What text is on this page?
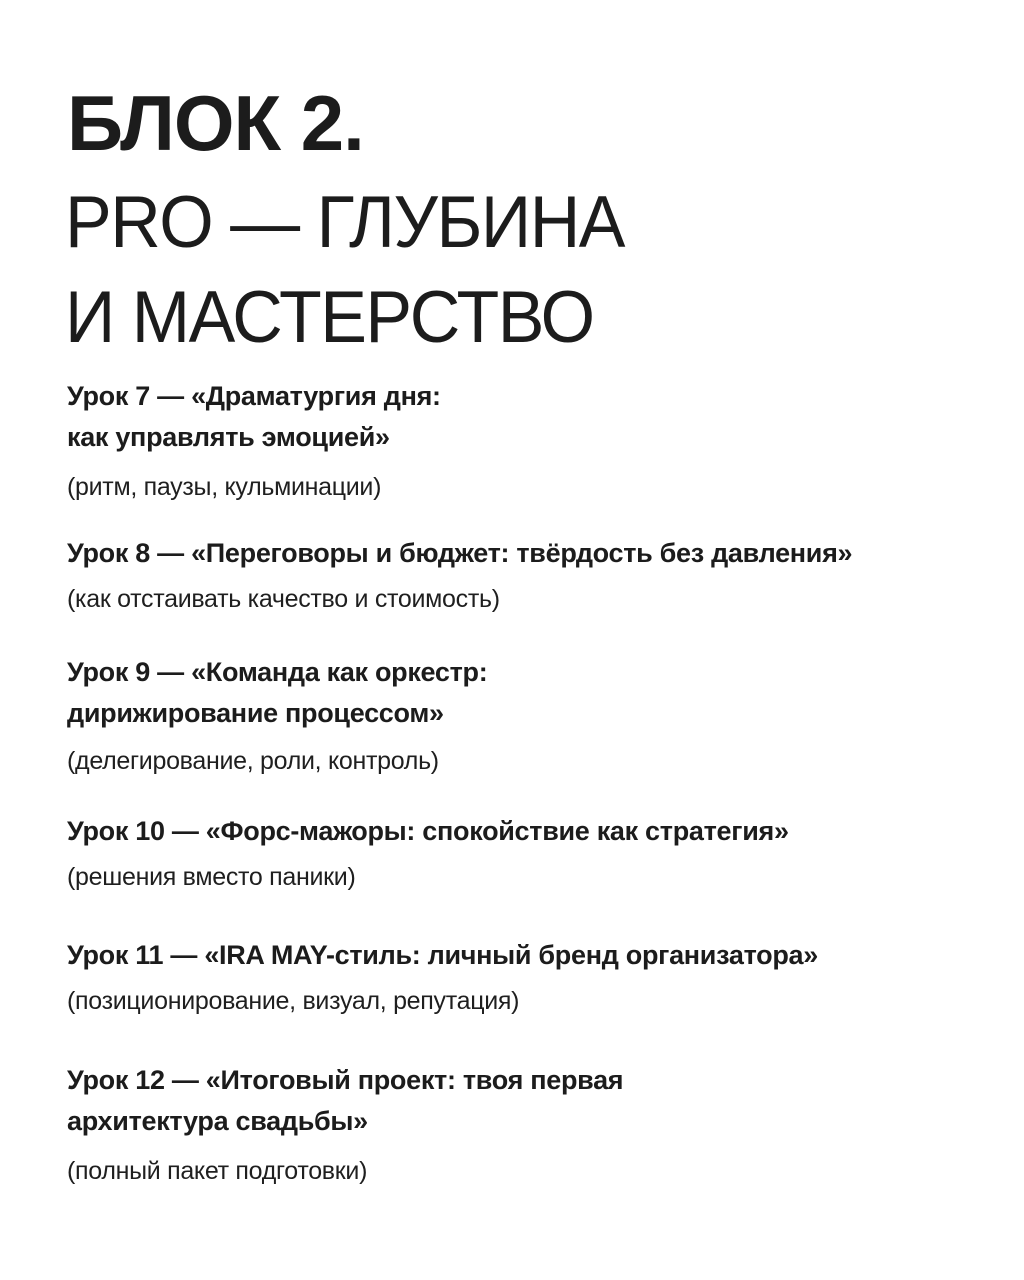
БЛОК 2.
PRO — ГЛУБИНА
И МАСТЕРСТВО
Урок 7 — «Драматургия дня:
как управлять эмоцией»
(ритм, паузы, кульминации)
Урок 8 — «Переговоры и бюджет: твёрдость без давления»
(как отстаивать качество и стоимость)
Урок 9 — «Команда как оркестр:
дирижирование процессом»
(делегирование, роли, контроль)
Урок 10 — «Форс-мажоры: спокойствие как стратегия»
(решения вместо паники)
Урок 11 — «IRA MAY-стиль: личный бренд организатора»
(позиционирование, визуал, репутация)
Урок 12 — «Итоговый проект: твоя первая
архитектура свадьбы»
(полный пакет подготовки)
